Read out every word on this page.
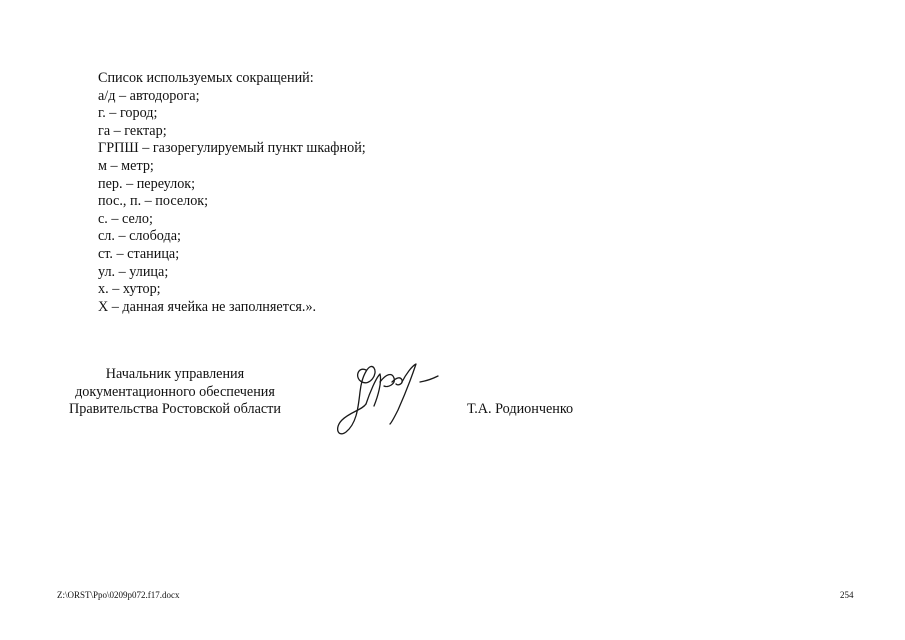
Список используемых сокращений:
а/д – автодорога;
г. – город;
га – гектар;
ГРПШ – газорегулируемый пункт шкафной;
м – метр;
пер. – переулок;
пос., п. – поселок;
с. – село;
сл. – слобода;
ст. – станица;
ул. – улица;
х. – хутор;
Х – данная ячейка не заполняется.».
Начальник управления
документационного обеспечения
Правительства Ростовской области	Т.А. Родионченко
Z:\ORST\Ppo\0209p072.f17.docx	254
